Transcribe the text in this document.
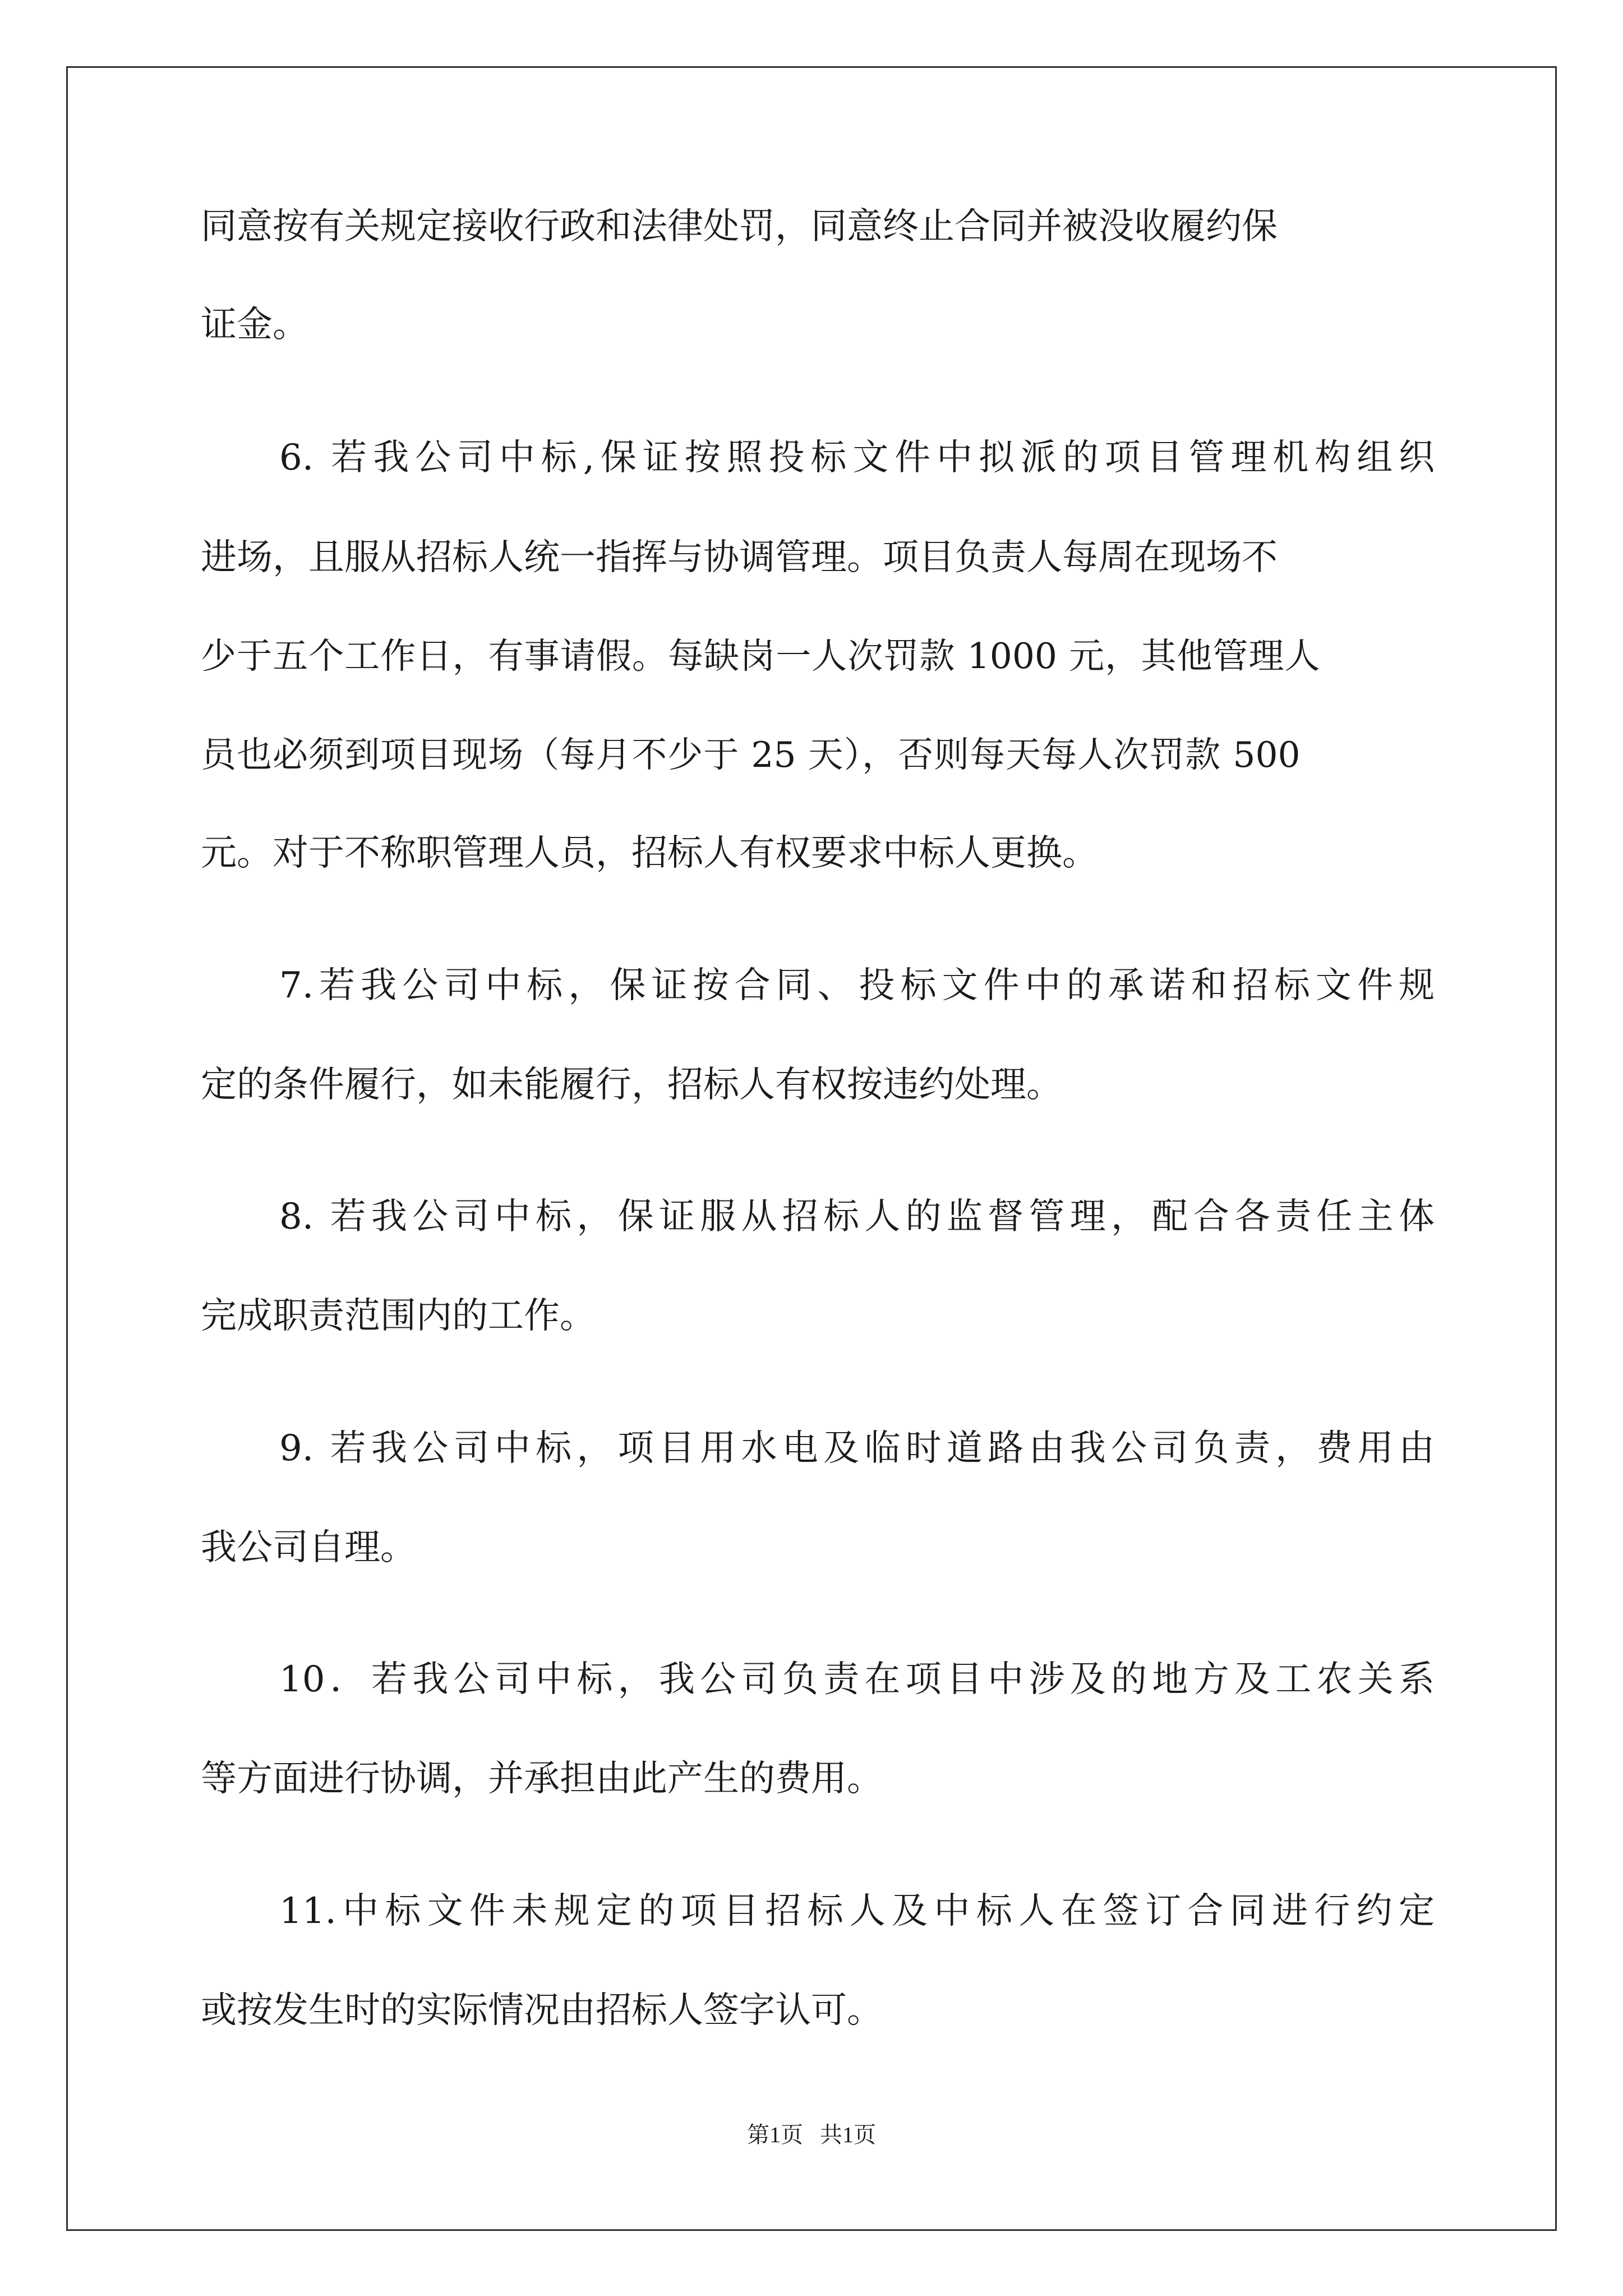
同意按有关规定接收行政和法律处罚，同意终止合同并被没收履约保
证金。
6. 若我公司中标,保证按照投标文件中拟派的项目管理机构组织
进场，且服从招标人统一指挥与协调管理。项目负责人每周在现场不
少于五个工作日，有事请假。每缺岗一人次罚款 1000 元，其他管理人
员也必须到项目现场（每月不少于 25 天），否则每天每人次罚款 500
元。对于不称职管理人员，招标人有权要求中标人更换。
7.若我公司中标，保证按合同、投标文件中的承诺和招标文件规
定的条件履行，如未能履行，招标人有权按违约处理。
8. 若我公司中标，保证服从招标人的监督管理，配合各责任主体
完成职责范围内的工作。
9. 若我公司中标，项目用水电及临时道路由我公司负责，费用由
我公司自理。
10．若我公司中标，我公司负责在项目中涉及的地方及工农关系
等方面进行协调，并承担由此产生的费用。
11.中标文件未规定的项目招标人及中标人在签订合同进行约定
或按发生时的实际情况由招标人签字认可。
第1页 共1页
